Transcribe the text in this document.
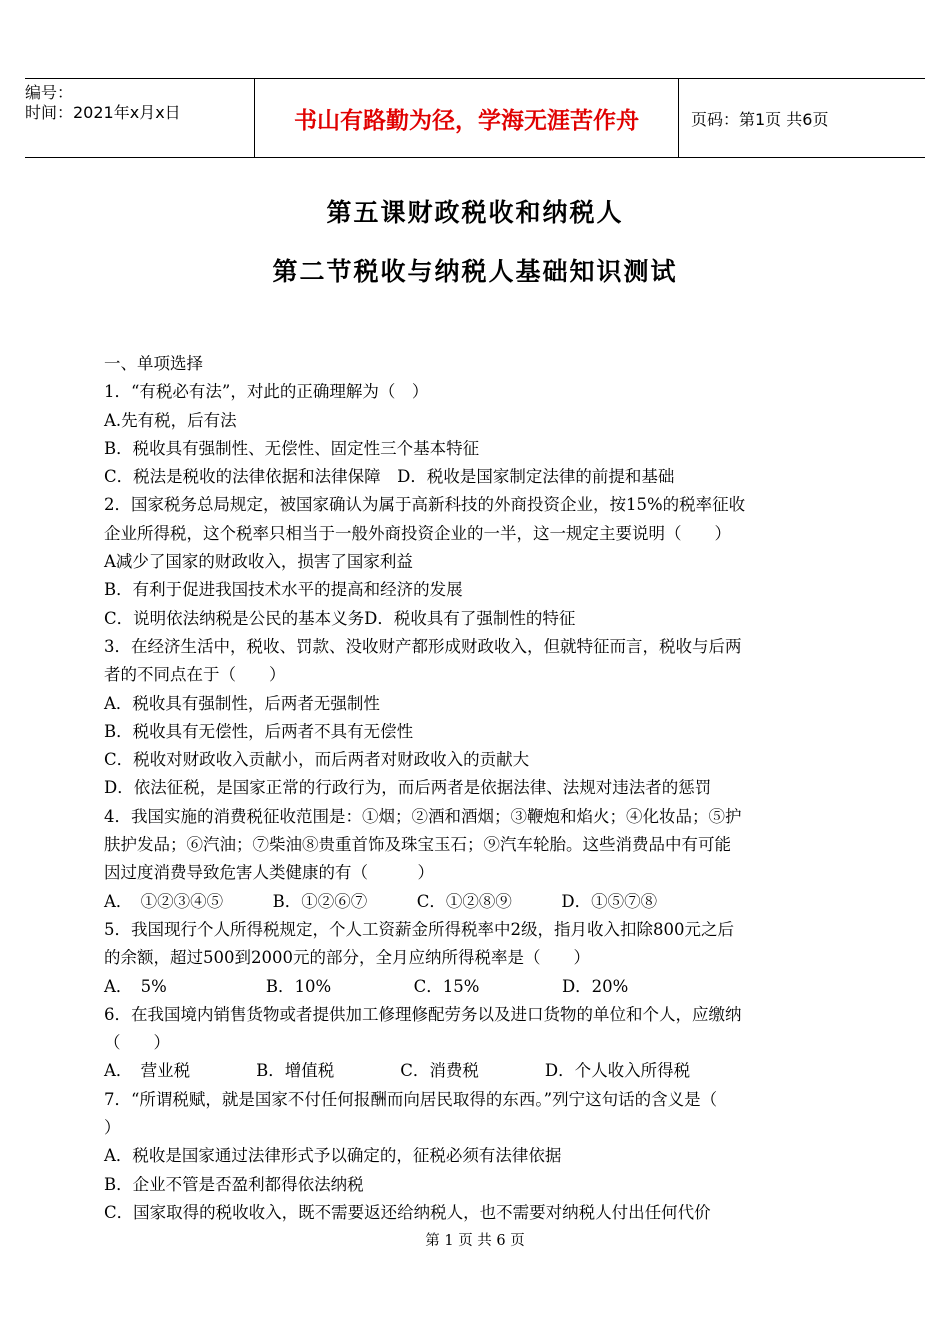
编号：
时间：2021年x月x日	书山有路勤为径，学海无涯苦作舟	页码：第1页 共6页
第五课财政税收和纳税人
第二节税收与纳税人基础知识测试
一、单项选择
1．“有税必有法”，对此的正确理解为（　）
A.先有税，后有法
B．税收具有强制性、无偿性、固定性三个基本特征
C．税法是税收的法律依据和法律保障　D．税收是国家制定法律的前提和基础
2．国家税务总局规定，被国家确认为属于高新科技的外商投资企业，按15%的税率征收
企业所得税，这个税率只相当于一般外商投资企业的一半，这一规定主要说明（　　）
A减少了国家的财政收入，损害了国家利益
B．有利于促进我国技术水平的提高和经济的发展
C．说明依法纳税是公民的基本义务D．税收具有了强制性的特征
3．在经济生活中，税收、罚款、没收财产都形成财政收入，但就特征而言，税收与后两
者的不同点在于（　　）
A．税收具有强制性，后两者无强制性
B．税收具有无偿性，后两者不具有无偿性
C．税收对财政收入贡献小，而后两者对财政收入的贡献大
D．依法征税，是国家正常的行政行为，而后两者是依据法律、法规对违法者的惩罚
4．我国实施的消费税征收范围是：①烟；②酒和酒烟；③鞭炮和焰火；④化妆品；⑤护
肤护发品；⑥汽油；⑦柴油⑧贵重首饰及珠宝玉石；⑨汽车轮胎。这些消费品中有可能
因过度消费导致危害人类健康的有（　　　）
A．　①②③④⑤　　　B．①②⑥⑦　　　C．①②⑧⑨　　　D．①⑤⑦⑧
5．我国现行个人所得税规定，个人工资薪金所得税率中2级，指月收入扣除800元之后
的余额，超过500到2000元的部分，全月应纳所得税率是（　　）
A．　5%　　　　　　B．10%　　　　　C．15%　　　　　D．20%
6．在我国境内销售货物或者提供加工修理修配劳务以及进口货物的单位和个人，应缴纳
（　　）
A．　营业税　　　　B．增值税　　　　C．消费税　　　　D．个人收入所得税
7．“所谓税赋，就是国家不付任何报酬而向居民取得的东西。”列宁这句话的含义是（
）
A．税收是国家通过法律形式予以确定的，征税必须有法律依据
B．企业不管是否盈利都得依法纳税
C．国家取得的税收收入，既不需要返还给纳税人，也不需要对纳税人付出任何代价
第 1 页 共 6 页
